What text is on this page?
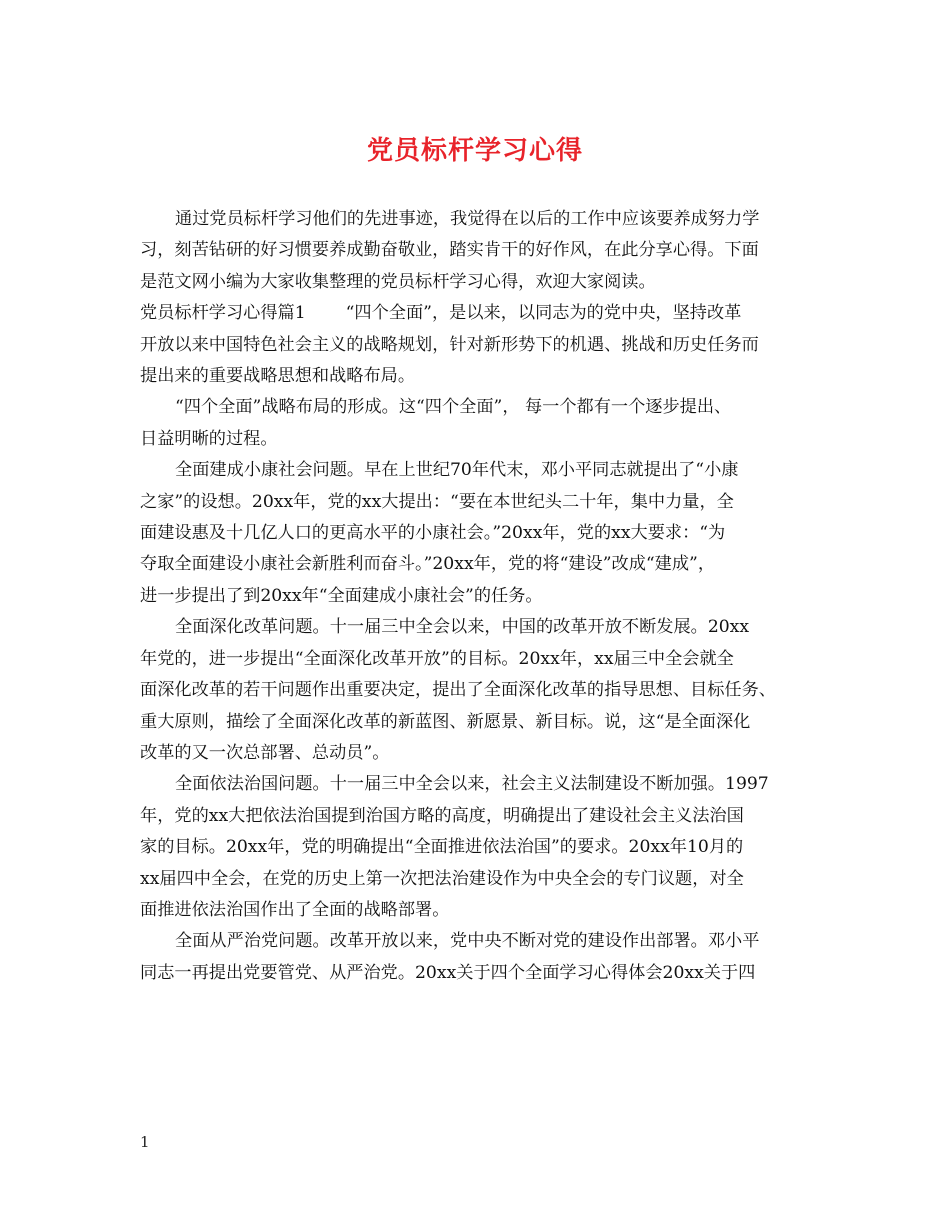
党员标杆学习心得
通过党员标杆学习他们的先进事迹，我觉得在以后的工作中应该要养成努力学
习，刻苦钻研的好习惯要养成勤奋敬业，踏实肯干的好作风，在此分享心得。下面
是范文网小编为大家收集整理的党员标杆学习心得，欢迎大家阅读。
党员标杆学习心得篇1 “四个全面”，是以来，以同志为的党中央，坚持改革
开放以来中国特色社会主义的战略规划，针对新形势下的机遇、挑战和历史任务而
提出来的重要战略思想和战略布局。
“四个全面”战略布局的形成。这“四个全面”， 每一个都有一个逐步提出、
日益明晰的过程。
全面建成小康社会问题。早在上世纪70年代末，邓小平同志就提出了“小康
之家”的设想。20xx年，党的xx大提出：“要在本世纪头二十年，集中力量，全
面建设惠及十几亿人口的更高水平的小康社会。”20xx年，党的xx大要求：“为
夺取全面建设小康社会新胜利而奋斗。”20xx年，党的将“建设”改成“建成”，
进一步提出了到20xx年“全面建成小康社会”的任务。
全面深化改革问题。十一届三中全会以来，中国的改革开放不断发展。20xx
年党的，进一步提出“全面深化改革开放”的目标。20xx年，xx届三中全会就全
面深化改革的若干问题作出重要决定，提出了全面深化改革的指导思想、目标任务、
重大原则，描绘了全面深化改革的新蓝图、新愿景、新目标。说，这“是全面深化
改革的又一次总部署、总动员”。
全面依法治国问题。十一届三中全会以来，社会主义法制建设不断加强。1997
年，党的xx大把依法治国提到治国方略的高度，明确提出了建设社会主义法治国
家的目标。20xx年，党的明确提出“全面推进依法治国”的要求。20xx年10月的
xx届四中全会，在党的历史上第一次把法治建设作为中央全会的专门议题，对全
面推进依法治国作出了全面的战略部署。
全面从严治党问题。改革开放以来，党中央不断对党的建设作出部署。邓小平
同志一再提出党要管党、从严治党。20xx关于四个全面学习心得体会20xx关于四
1
